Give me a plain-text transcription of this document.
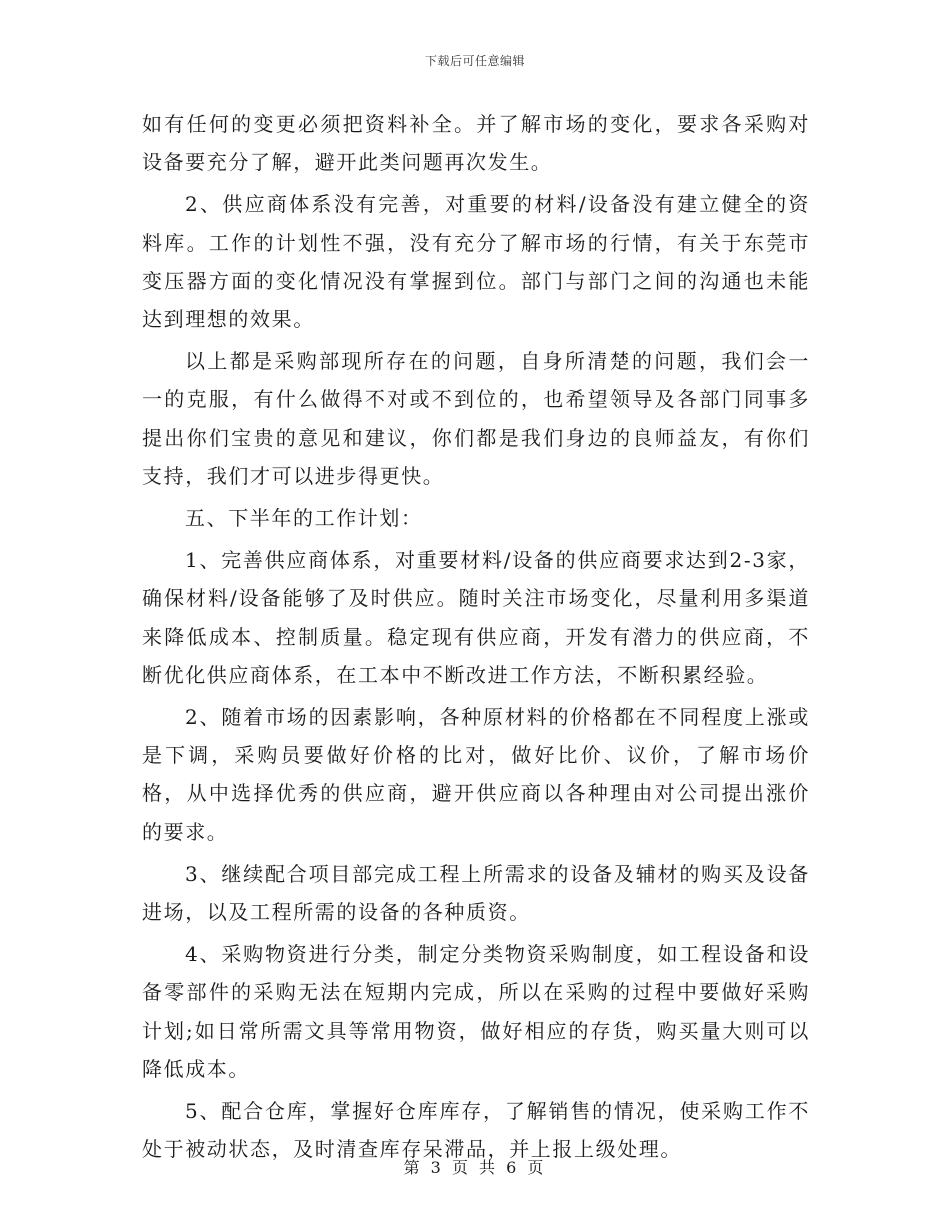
下载后可任意编辑

如有任何的变更必须把资料补全。并了解市场的变化，要求各采购对设备要充分了解，避开此类问题再次发生。

2、供应商体系没有完善，对重要的材料/设备没有建立健全的资料库。工作的计划性不强，没有充分了解市场的行情，有关于东莞市变压器方面的变化情况没有掌握到位。部门与部门之间的沟通也未能达到理想的效果。

以上都是采购部现所存在的问题，自身所清楚的问题，我们会一一的克服，有什么做得不对或不到位的，也希望领导及各部门同事多提出你们宝贵的意见和建议，你们都是我们身边的良师益友，有你们支持，我们才可以进步得更快。

五、下半年的工作计划：

1、完善供应商体系，对重要材料/设备的供应商要求达到2-3家，确保材料/设备能够了及时供应。随时关注市场变化，尽量利用多渠道来降低成本、控制质量。稳定现有供应商，开发有潜力的供应商，不断优化供应商体系，在工本中不断改进工作方法，不断积累经验。

2、随着市场的因素影响，各种原材料的价格都在不同程度上涨或是下调，采购员要做好价格的比对，做好比价、议价，了解市场价格，从中选择优秀的供应商，避开供应商以各种理由对公司提出涨价的要求。

3、继续配合项目部完成工程上所需求的设备及辅材的购买及设备进场，以及工程所需的设备的各种质资。

4、采购物资进行分类，制定分类物资采购制度，如工程设备和设备零部件的采购无法在短期内完成，所以在采购的过程中要做好采购计划;如日常所需文具等常用物资，做好相应的存货，购买量大则可以降低成本。

5、配合仓库，掌握好仓库库存，了解销售的情况，使采购工作不处于被动状态，及时清查库存呆滞品，并上报上级处理。

第 3 页 共 6 页
